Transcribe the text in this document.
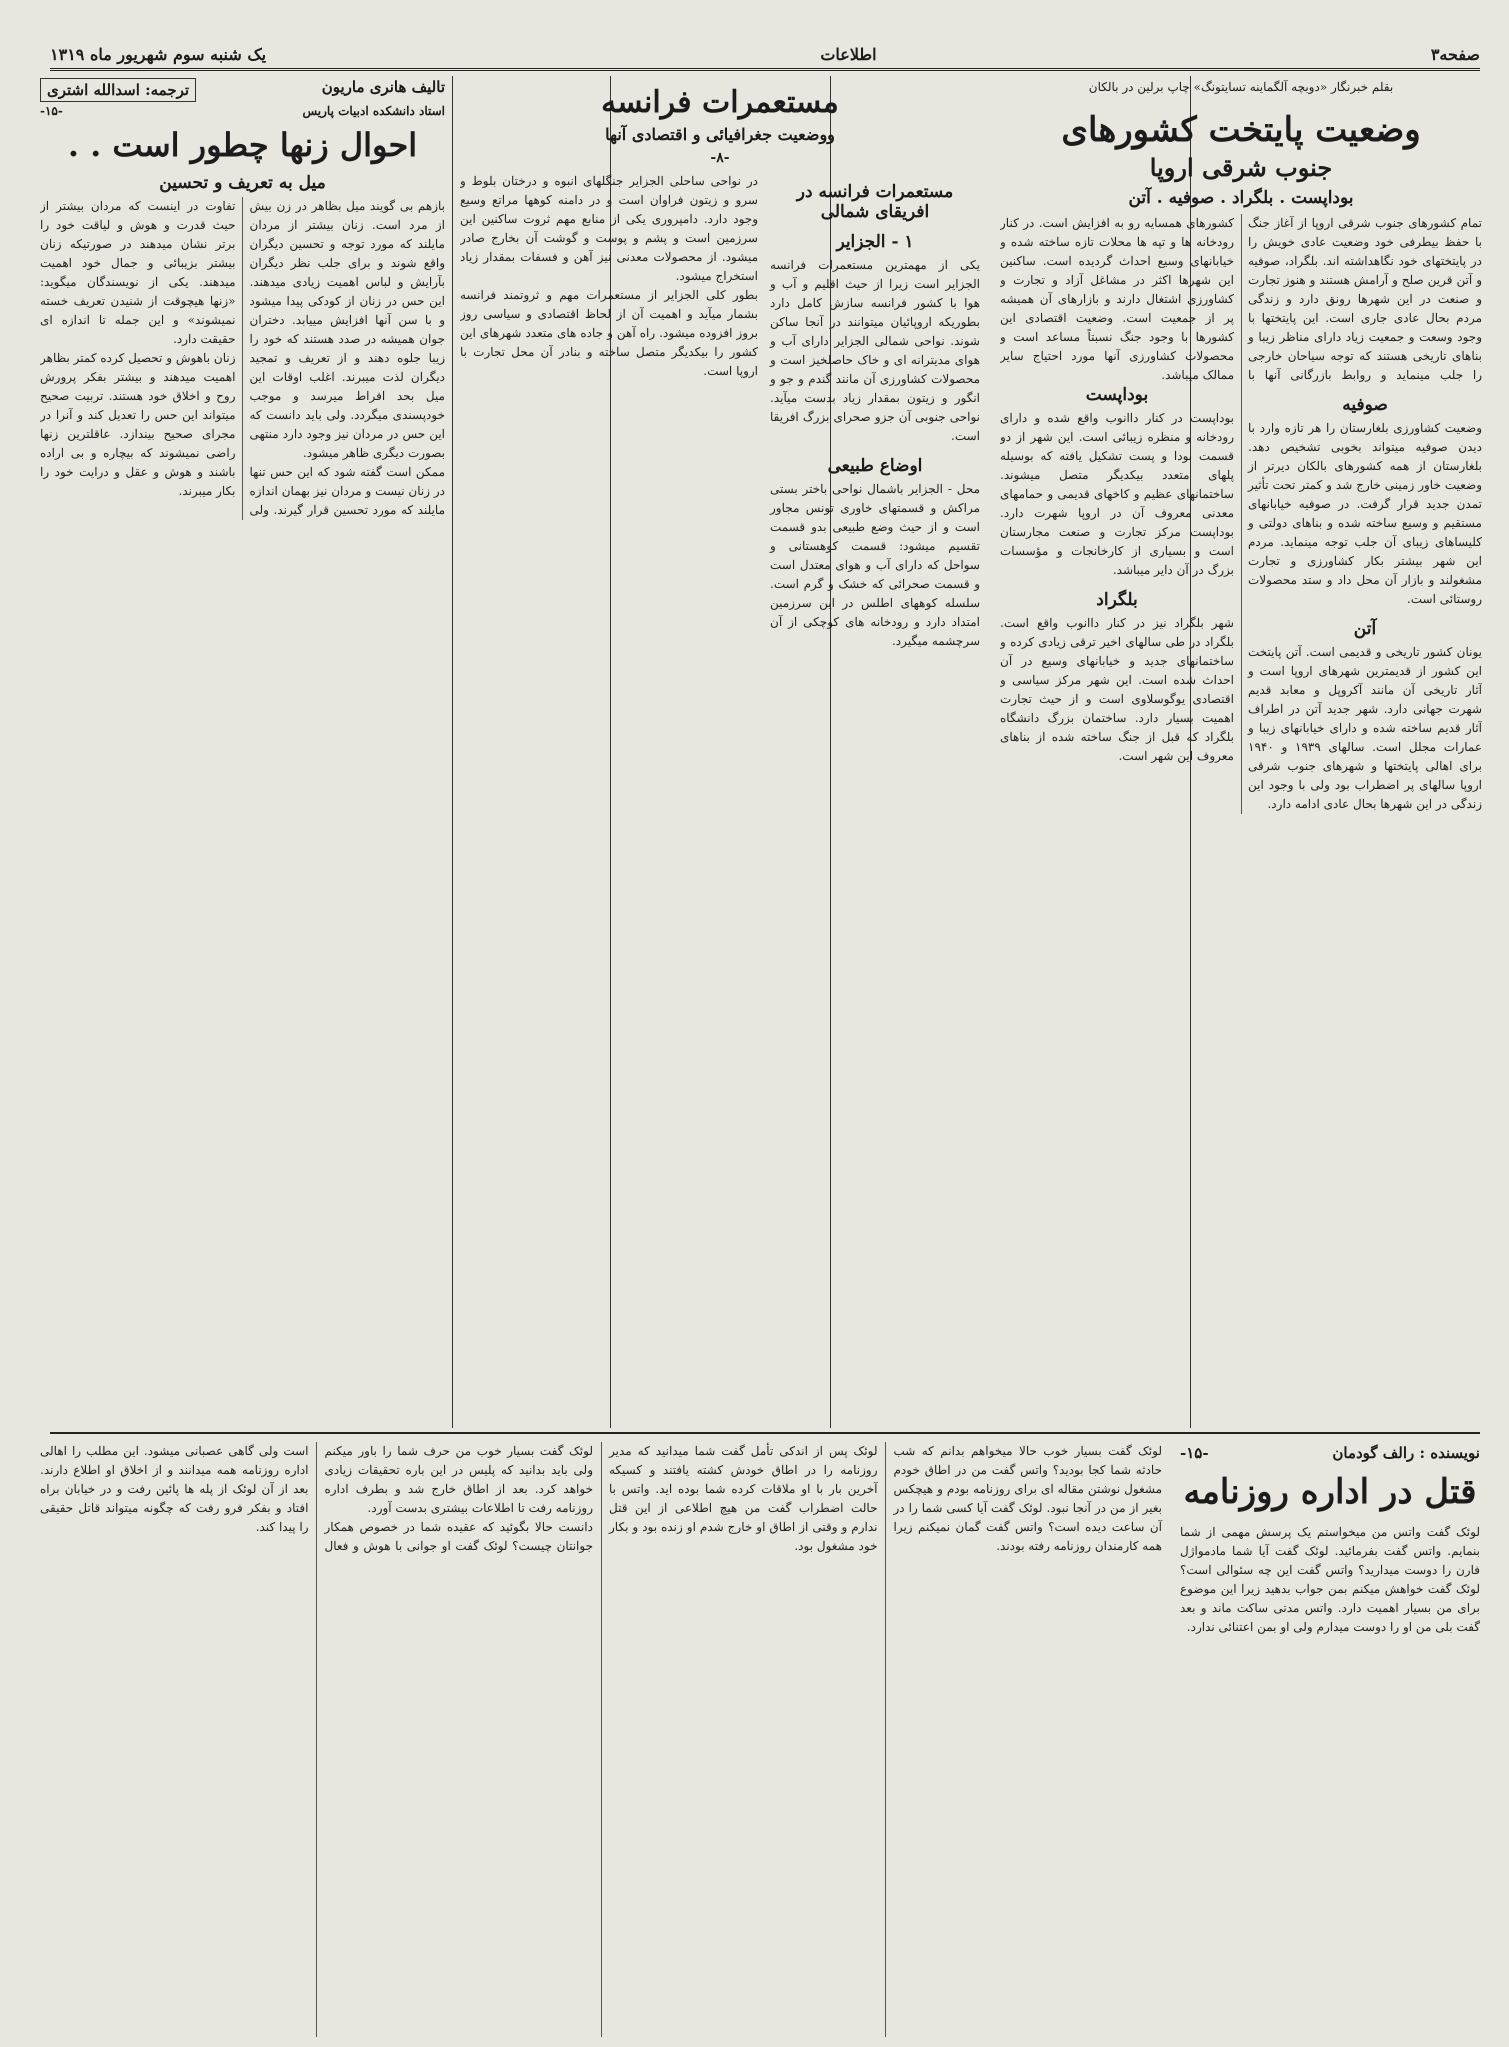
صفحه۳
اطلاعات
یک شنبه سوم شهریور ماه ۱۳۱۹
بقلم خبرنگار «دوبچه آلگماینه تسایتونگ» چاپ برلین در بالکان
وضعیت پایتخت کشورهای
جنوب شرقی اروپا
بوداپست . بلگراد . صوفیه . آتن

تمام کشورهای جنوب شرقی اروپا از آغاز جنگ با حفظ بیطرفی خود وضعیت عادی خویش را در پایتختهای خود نگاهداشته اند. بلگراد، صوفیه و آتن قرین صلح و آرامش هستند و هنوز تجارت و صنعت در این شهرها رونق دارد و زندگی مردم بحال عادی جاری است. این پایتختها با وجود وسعت و جمعیت زیاد دارای مناظر زیبا و بناهای تاریخی هستند که توجه سیاحان خارجی را جلب مینماید و روابط بازرگانی آنها با کشورهای همسایه رو به افزایش است. در کنار رودخانه ها و تپه ها محلات تازه ساخته شده و خیابانهای وسیع احداث گردیده است. ساکنین این شهرها اکثر در مشاغل آزاد و تجارت و کشاورزی اشتغال دارند و بازارهای آن همیشه پر از جمعیت است. وضعیت اقتصادی این کشورها با وجود جنگ نسبتاً مساعد است و محصولات کشاورزی آنها مورد احتیاج سایر ممالک میباشد.

صوفیه

وضعیت کشاورزی بلغارستان را هر تازه وارد با دیدن صوفیه میتواند بخوبی تشخیص دهد. بلغارستان از همه کشورهای بالکان دیرتر از وضعیت خاور زمینی خارج شد و کمتر تحت تأثیر تمدن جدید قرار گرفت. در صوفیه خیابانهای مستقیم و وسیع ساخته شده و بناهای دولتی و کلیساهای زیبای آن جلب توجه مینماید. مردم این شهر بیشتر بکار کشاورزی و تجارت مشغولند و بازار آن محل داد و ستد محصولات روستائی است.

آتن

یونان کشور تاریخی و قدیمی است. آتن پایتخت این کشور از قدیمترین شهرهای اروپا است و آثار تاریخی آن مانند آکروپل و معابد قدیم شهرت جهانی دارد. شهر جدید آتن در اطراف آثار قدیم ساخته شده و دارای خیابانهای زیبا و عمارات مجلل است. سالهای ۱۹۳۹ و ۱۹۴۰ برای اهالی پایتختها و شهرهای جنوب شرقی اروپا سالهای پر اضطراب بود ولی با وجود این زندگی در این شهرها بحال عادی ادامه دارد.

بوداپست

بوداپست در کنار داانوب واقع شده و دارای رودخانه و منظره زیبائی است. این شهر از دو قسمت بودا و پست تشکیل یافته که بوسیله پلهای متعدد بیکدیگر متصل میشوند. ساختمانهای عظیم و کاخهای قدیمی و حمامهای معدنی معروف آن در اروپا شهرت دارد. بوداپست مرکز تجارت و صنعت مجارستان است و بسیاری از کارخانجات و مؤسسات بزرگ در آن دایر میباشد.

بلگراد

شهر بلگراد نیز در کنار داانوب واقع است. بلگراد در طی سالهای اخیر ترقی زیادی کرده و ساختمانهای جدید و خیابانهای وسیع در آن احداث شده است. این شهر مرکز سیاسی و اقتصادی یوگوسلاوی است و از حیث تجارت اهمیت بسیار دارد. ساختمان بزرگ دانشگاه بلگراد که قبل از جنگ ساخته شده از بناهای معروف این شهر است.

مستعمرات فرانسه
ووضعیت جغرافیائی و اقتصادی آنها
-۸-
مستعمرات فرانسه در افریقای شمالی
۱ - الجزایر

یکی از مهمترین مستعمرات فرانسه الجزایر است زیرا از حیث اقلیم و آب و هوا با کشور فرانسه سازش کامل دارد بطوریکه اروپائیان میتوانند در آنجا ساکن شوند. نواحی شمالی الجزایر دارای آب و هوای مدیترانه ای و خاک حاصلخیز است و محصولات کشاورزی آن مانند گندم و جو و انگور و زیتون بمقدار زیاد بدست میآید. نواحی جنوبی آن جزو صحرای بزرگ افریقا است.

اوضاع طبیعی

محل - الجزایر باشمال نواحی باختر بستی مراکش و قسمتهای خاوری تونس مجاور است و از حیث وضع طبیعی بدو قسمت تقسیم میشود: قسمت کوهستانی و سواحل که دارای آب و هوای معتدل است و قسمت صحرائی که خشک و گرم است. سلسله کوههای اطلس در این سرزمین امتداد دارد و رودخانه های کوچکی از آن سرچشمه میگیرد.

در نواحی ساحلی الجزایر جنگلهای انبوه و درختان بلوط و سرو و زیتون فراوان است و در دامنه کوهها مراتع وسیع وجود دارد. دامپروری یکی از منابع مهم ثروت ساکنین این سرزمین است و پشم و پوست و گوشت آن بخارج صادر میشود. از محصولات معدنی نیز آهن و فسفات بمقدار زیاد استخراج میشود.

بطور کلی الجزایر از مستعمرات مهم و ثروتمند فرانسه بشمار میآید و اهمیت آن از لحاظ اقتصادی و سیاسی روز بروز افزوده میشود. راه آهن و جاده های متعدد شهرهای این کشور را بیکدیگر متصل ساخته و بنادر آن محل تجارت با اروپا است.

تالیف هانری ماریون
ترجمه: اسدالله اشتری
استاد دانشکده ادبیات پاریس
-۱۵-
احوال زنها چطور است . .
میل به تعریف و تحسین

بازهم بی گویند میل بظاهر در زن بیش از مرد است. زنان بیشتر از مردان مایلند که مورد توجه و تحسین دیگران واقع شوند و برای جلب نظر دیگران بآرایش و لباس اهمیت زیادی میدهند. این حس در زنان از کودکی پیدا میشود و با سن آنها افزایش مییابد. دختران جوان همیشه در صدد هستند که خود را زیبا جلوه دهند و از تعریف و تمجید دیگران لذت میبرند. اغلب اوقات این میل بحد افراط میرسد و موجب خودپسندی میگردد. ولی باید دانست که این حس در مردان نیز وجود دارد منتهی بصورت دیگری ظاهر میشود.

ممکن است گفته شود که این حس تنها در زنان نیست و مردان نیز بهمان اندازه مایلند که مورد تحسین قرار گیرند. ولی تفاوت در اینست که مردان بیشتر از حیث قدرت و هوش و لیاقت خود را برتر نشان میدهند در صورتیکه زنان بیشتر بزیبائی و جمال خود اهمیت میدهند. یکی از نویسندگان میگوید: «زنها هیچوقت از شنیدن تعریف خسته نمیشوند» و این جمله تا اندازه ای حقیقت دارد.

زنان باهوش و تحصیل کرده کمتر بظاهر اهمیت میدهند و بیشتر بفکر پرورش روح و اخلاق خود هستند. تربیت صحیح میتواند این حس را تعدیل کند و آنرا در مجرای صحیح بیندازد. عاقلترین زنها راضی نمیشوند که بیچاره و بی اراده باشند و هوش و عقل و درایت خود را بکار میبرند.

نویسنده : رالف گودمان
-۱۵-
قتل در اداره روزنامه

لوئک گفت واتس من میخواستم یک پرسش مهمی از شما بنمایم. واتس گفت بفرمائید. لوئک گفت آیا شما مادمواژل فارن را دوست میدارید؟ واتس گفت این چه سئوالی است؟ لوئک گفت خواهش میکنم بمن جواب بدهید زیرا این موضوع برای من بسیار اهمیت دارد. واتس مدتی ساکت ماند و بعد گفت بلی من او را دوست میدارم ولی او بمن اعتنائی ندارد.

لوئک گفت بسیار خوب حالا میخواهم بدانم که شب حادثه شما کجا بودید؟ واتس گفت من در اطاق خودم مشغول نوشتن مقاله ای برای روزنامه بودم و هیچکس بغیر از من در آنجا نبود. لوئک گفت آیا کسی شما را در آن ساعت دیده است؟ واتس گفت گمان نمیکنم زیرا همه کارمندان روزنامه رفته بودند.

لوئک پس از اندکی تأمل گفت شما میدانید که مدیر روزنامه را در اطاق خودش کشته یافتند و کسیکه آخرین بار با او ملاقات کرده شما بوده اید. واتس با حالت اضطراب گفت من هیچ اطلاعی از این قتل ندارم و وقتی از اطاق او خارج شدم او زنده بود و بکار خود مشغول بود.

لوئک گفت بسیار خوب من حرف شما را باور میکنم ولی باید بدانید که پلیس در این باره تحقیقات زیادی خواهد کرد. بعد از اطاق خارج شد و بطرف اداره روزنامه رفت تا اطلاعات بیشتری بدست آورد.

دانست حالا بگوئید که عقیده شما در خصوص همکار جوانتان چیست؟ لوئک گفت او جوانی با هوش و فعال است ولی گاهی عصبانی میشود. این مطلب را اهالی اداره روزنامه همه میدانند و از اخلاق او اطلاع دارند. بعد از آن لوئک از پله ها پائین رفت و در خیابان براه افتاد و بفکر فرو رفت که چگونه میتواند قاتل حقیقی را پیدا کند.
